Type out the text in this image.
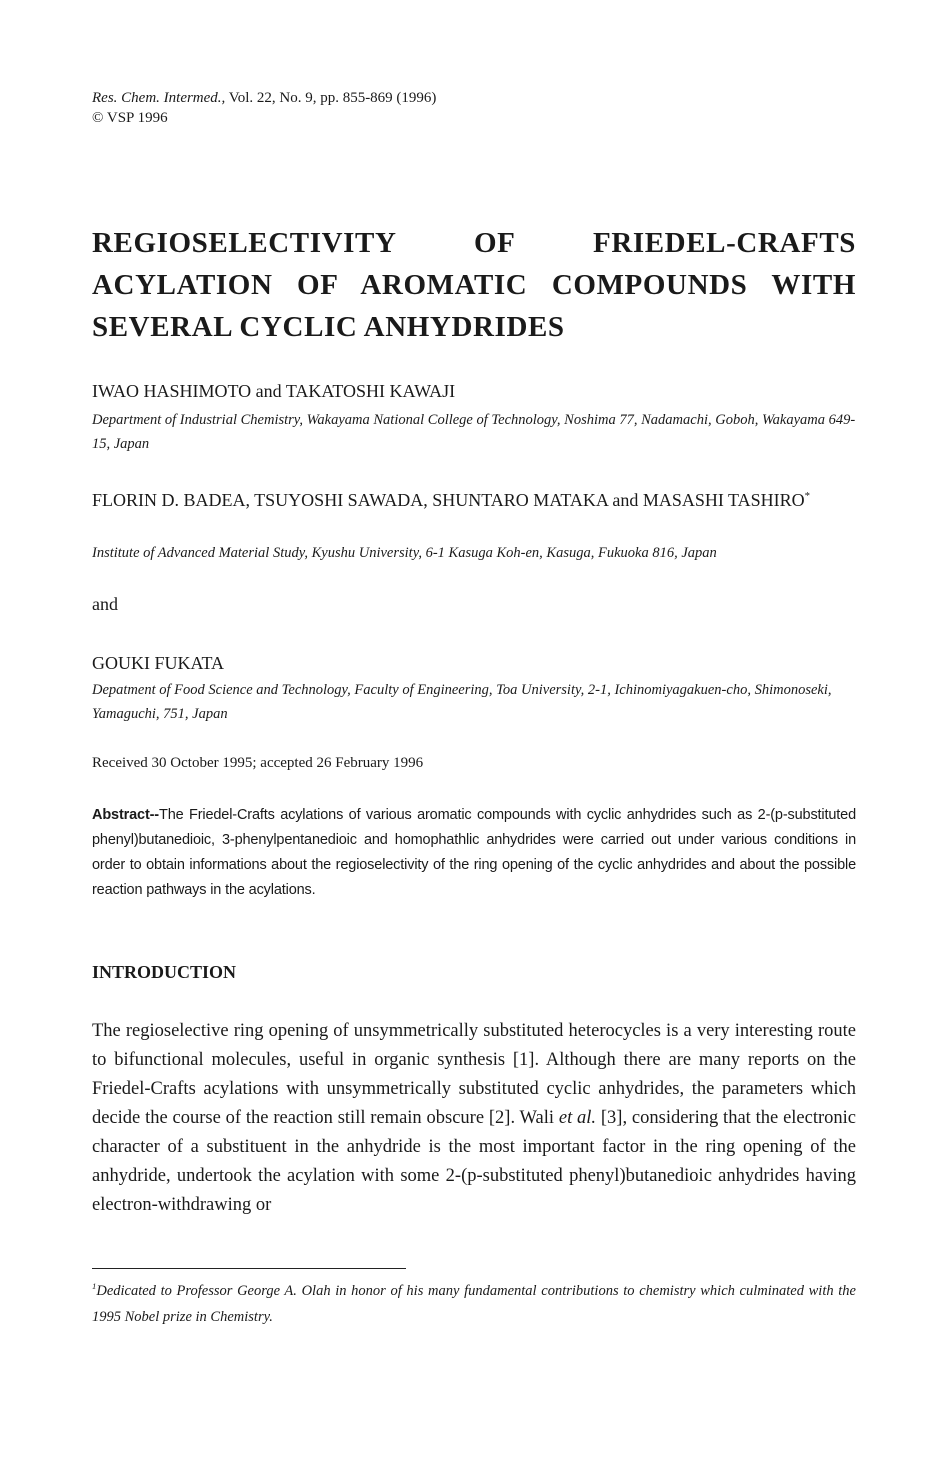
Res. Chem. Intermed., Vol. 22, No. 9, pp. 855-869 (1996)
© VSP 1996
REGIOSELECTIVITY OF FRIEDEL-CRAFTS
ACYLATION OF AROMATIC COMPOUNDS WITH
SEVERAL CYCLIC ANHYDRIDES
IWAO HASHIMOTO and TAKATOSHI KAWAJI
Department of Industrial Chemistry, Wakayama National College of Technology, Noshima 77, Nadamachi, Goboh, Wakayama 649-15, Japan
FLORIN D. BADEA, TSUYOSHI SAWADA, SHUNTARO MATAKA and MASASHI TASHIRO*
Institute of Advanced Material Study, Kyushu University, 6-1 Kasuga Koh-en, Kasuga, Fukuoka 816, Japan
and
GOUKI FUKATA
Depatment of Food Science and Technology, Faculty of Engineering, Toa University, 2-1, Ichinomiyagakuen-cho, Shimonoseki, Yamaguchi, 751, Japan
Received 30 October 1995; accepted 26 February 1996
Abstract--The Friedel-Crafts acylations of various aromatic compounds with cyclic anhydrides such as 2-(p-substituted phenyl)butanedioic, 3-phenylpentanedioic and homophathlic anhydrides were carried out under various conditions in order to obtain informations about the regioselectivity of the ring opening of the cyclic anhydrides and about the possible reaction pathways in the acylations.
INTRODUCTION
The regioselective ring opening of unsymmetrically substituted heterocycles is a very interesting route to bifunctional molecules, useful in organic synthesis [1]. Although there are many reports on the Friedel-Crafts acylations with unsymmetrically substituted cyclic anhydrides, the parameters which decide the course of the reaction still remain obscure [2]. Wali et al. [3], considering that the electronic character of a substituent in the anhydride is the most important factor in the ring opening of the anhydride, undertook the acylation with some 2-(p-substituted phenyl)butanedioic anhydrides having electron-withdrawing or
$^1$Dedicated to Professor George A. Olah in honor of his many fundamental contributions to chemistry which culminated with the 1995 Nobel prize in Chemistry.
